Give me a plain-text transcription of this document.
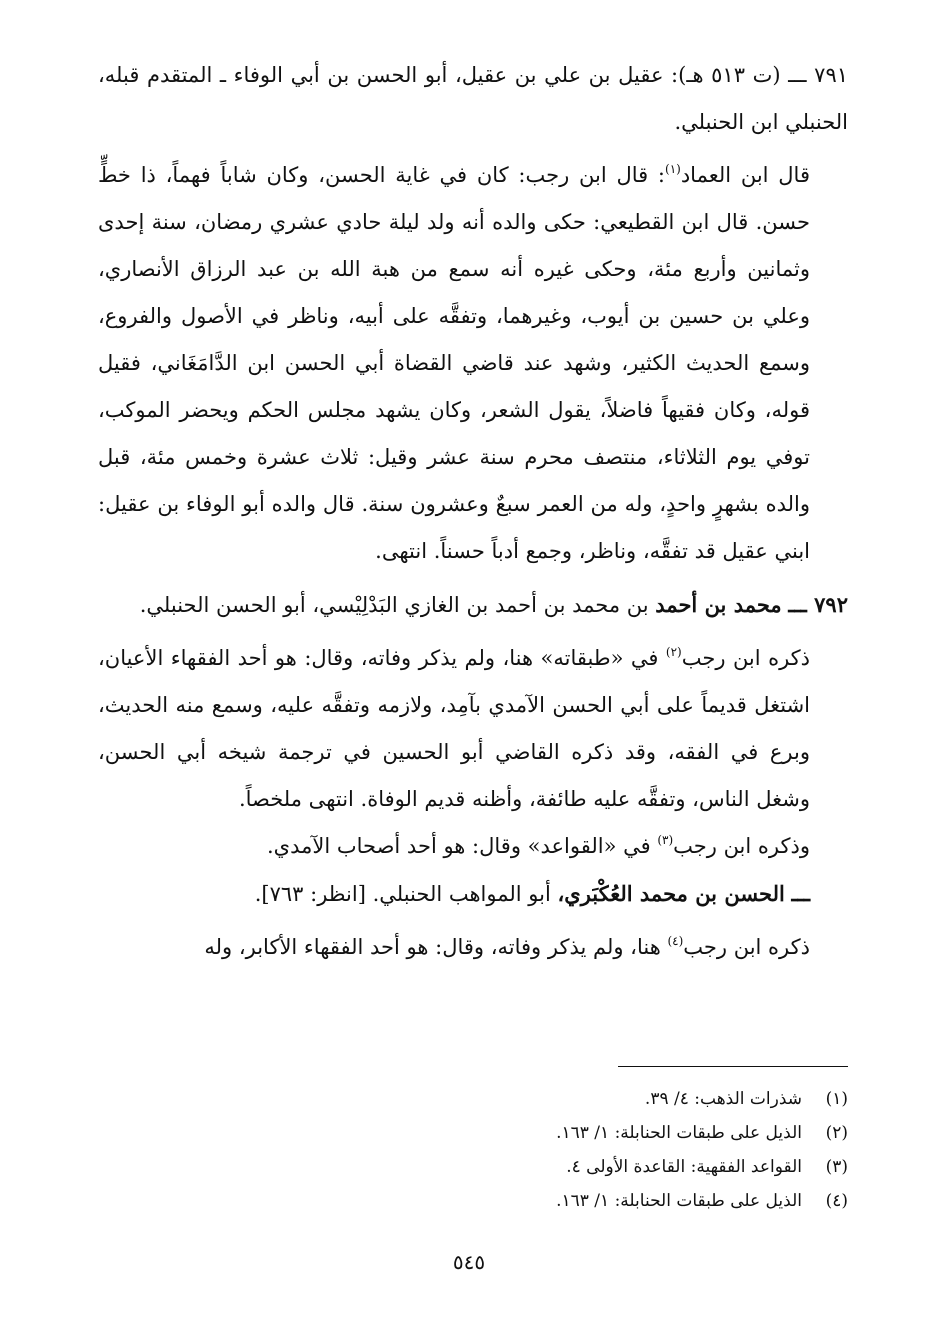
٧٩١ ـــ (ت ٥١٣ هـ): عقيل بن علي بن عقيل، أبو الحسن بن أبي الوفاء ـ المتقدم قبله، الحنبلي ابن الحنبلي.

قال ابن العماد$^{(١)}$: قال ابن رجب: كان في غاية الحسن، وكان شاباً فهماً، ذا خطٍّ حسن. قال ابن القطيعي: حكى والده أنه ولد ليلة حادي عشري رمضان، سنة إحدى وثمانين وأربع مئة، وحكى غيره أنه سمع من هبة الله بن عبد الرزاق الأنصاري، وعلي بن حسين بن أيوب، وغيرهما، وتفقَّه على أبيه، وناظر في الأصول والفروع، وسمع الحديث الكثير، وشهد عند قاضي القضاة أبي الحسن ابن الدَّامَغَاني، فقيل قوله، وكان فقيهاً فاضلاً، يقول الشعر، وكان يشهد مجلس الحكم ويحضر الموكب، توفي يوم الثلاثاء، منتصف محرم سنة عشر وقيل: ثلاث عشرة وخمس مئة، قبل والده بشهرٍ واحدٍ، وله من العمر سبعٌ وعشرون سنة. قال والده أبو الوفاء بن عقيل: ابني عقيل قد تفقَّه، وناظر، وجمع أدباً حسناً. انتهى.

٧٩٢ ـــ محمد بن أحمد بن محمد بن أحمد بن الغازي البَدْلِيْسي، أبو الحسن الحنبلي.

ذكره ابن رجب$^{(٢)}$ في «طبقاته» هنا، ولم يذكر وفاته، وقال: هو أحد الفقهاء الأعيان، اشتغل قديماً على أبي الحسن الآمدي بآمِد، ولازمه وتفقَّه عليه، وسمع منه الحديث، وبرع في الفقه، وقد ذكره القاضي أبو الحسين في ترجمة شيخه أبي الحسن، وشغل الناس، وتفقَّه عليه طائفة، وأظنه قديم الوفاة. انتهى ملخصاً.

وذكره ابن رجب$^{(٣)}$ في «القواعد» وقال: هو أحد أصحاب الآمدي.

ـــ الحسن بن محمد العُكْبَري، أبو المواهب الحنبلي. [انظر: ٧٦٣].

ذكره ابن رجب$^{(٤)}$ هنا، ولم يذكر وفاته، وقال: هو أحد الفقهاء الأكابر، وله

(١)
شذرات الذهب: ٤/ ٣٩.
(٢)
الذيل على طبقات الحنابلة: ١/ ١٦٣.
(٣)
القواعد الفقهية: القاعدة الأولى ٤.
(٤)
الذيل على طبقات الحنابلة: ١/ ١٦٣.
٥٤٥
